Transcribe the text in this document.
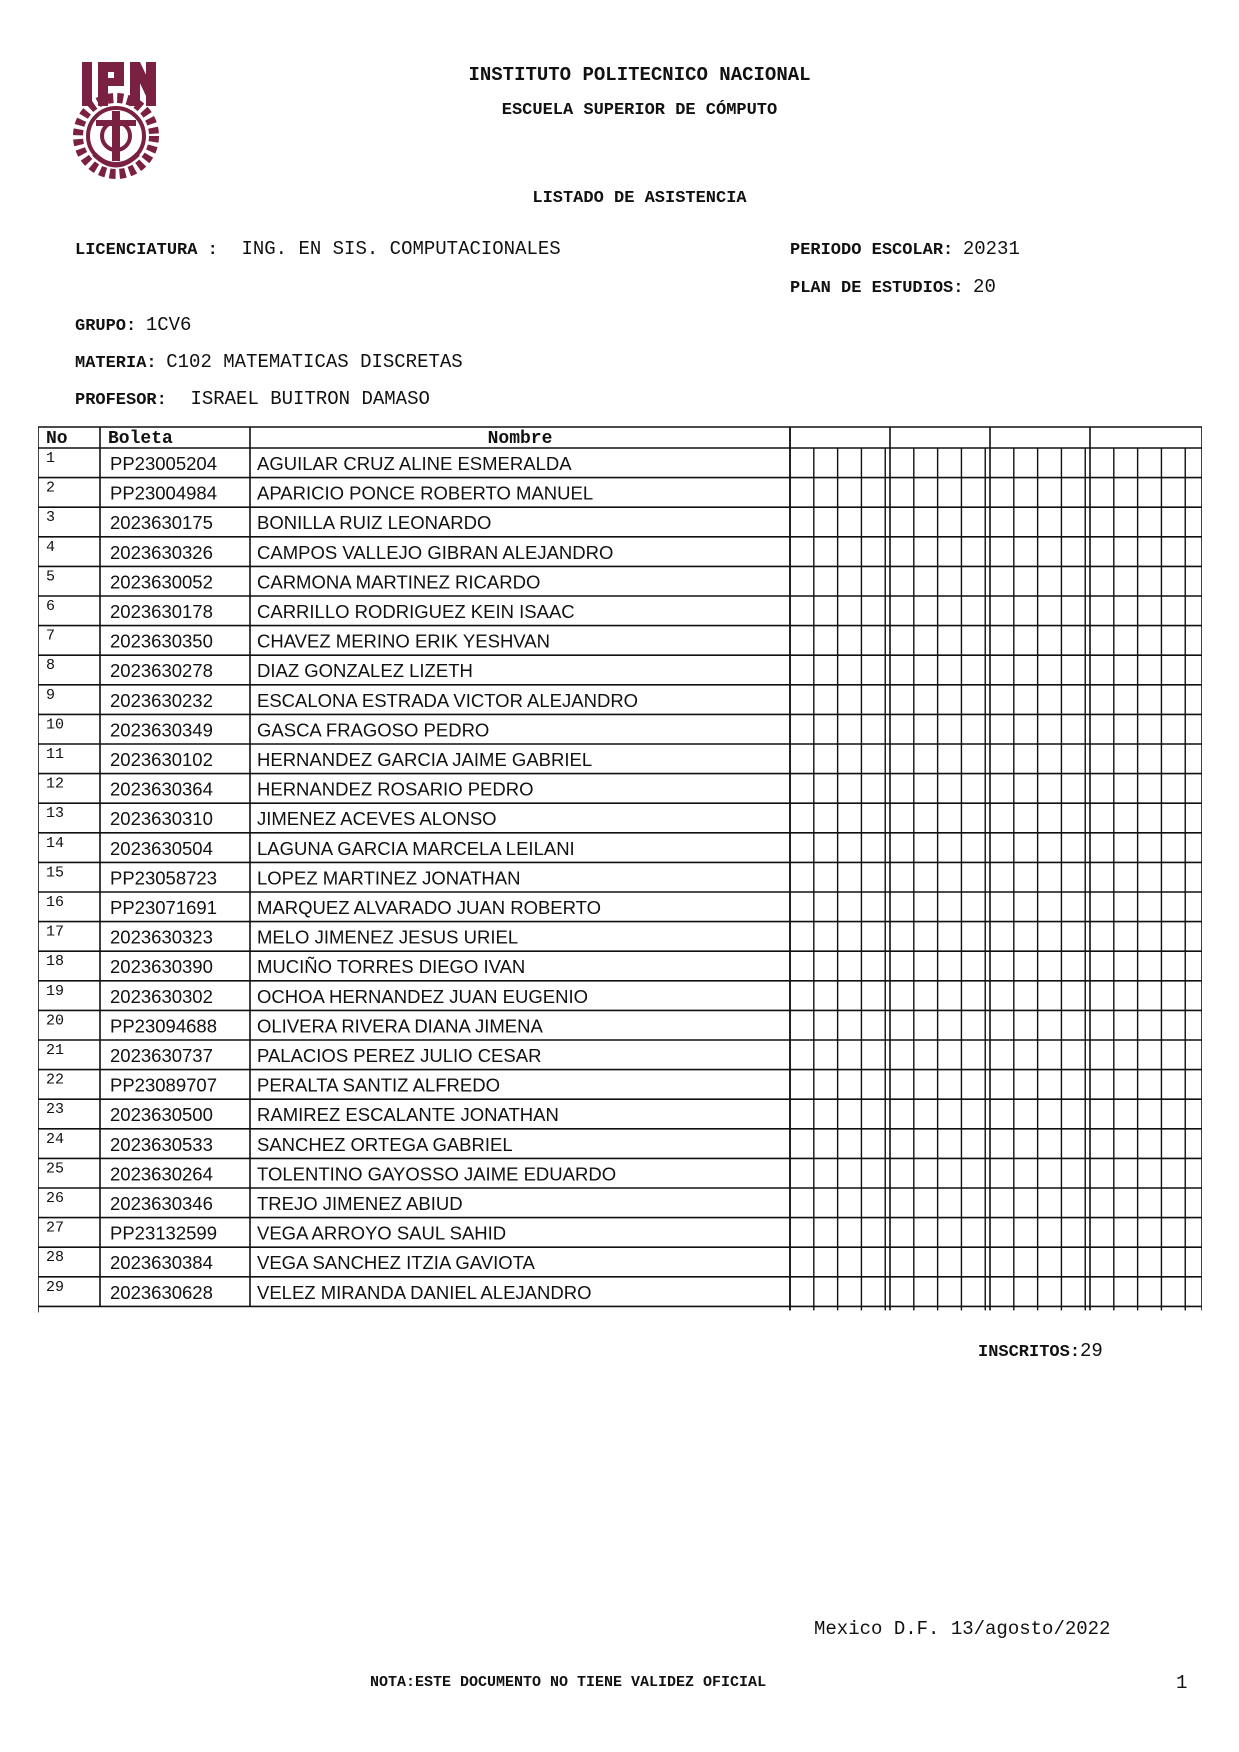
INSTITUTO POLITECNICO NACIONAL
ESCUELA SUPERIOR DE CÓMPUTO
LISTADO DE ASISTENCIA
LICENCIATURA : ING. EN SIS. COMPUTACIONALES	PERIODO ESCOLAR: 20231
PLAN DE ESTUDIOS: 20
GRUPO: 1CV6
MATERIA: C102 MATEMATICAS DISCRETAS
PROFESOR: ISRAEL BUITRON DAMASO
No Boleta	Nombre
1	PP23005204 AGUILAR CRUZ ALINE ESMERALDA
2	PP23004984 APARICIO PONCE ROBERTO MANUEL
3	2023630175 BONILLA RUIZ LEONARDO
4	2023630326 CAMPOS VALLEJO GIBRAN ALEJANDRO
5	2023630052 CARMONA MARTINEZ RICARDO
6	2023630178 CARRILLO RODRIGUEZ KEIN ISAAC
7	2023630350 CHAVEZ MERINO ERIK YESHVAN
8	2023630278 DIAZ GONZALEZ LIZETH
9	2023630232 ESCALONA ESTRADA VICTOR ALEJANDRO
10 2023630349 GASCA FRAGOSO PEDRO
11 2023630102 HERNANDEZ GARCIA JAIME GABRIEL
12 2023630364 HERNANDEZ ROSARIO PEDRO
13 2023630310 JIMENEZ ACEVES ALONSO
14 2023630504 LAGUNA GARCIA MARCELA LEILANI
15 PP23058723 LOPEZ MARTINEZ JONATHAN
16 PP23071691 MARQUEZ ALVARADO JUAN ROBERTO
17 2023630323 MELO JIMENEZ JESUS URIEL
18 2023630390 MUCIÑO TORRES DIEGO IVAN
19 2023630302 OCHOA HERNANDEZ JUAN EUGENIO
20 PP23094688 OLIVERA RIVERA DIANA JIMENA
21 2023630737 PALACIOS PEREZ JULIO CESAR
22 PP23089707 PERALTA SANTIZ ALFREDO
23 2023630500 RAMIREZ ESCALANTE JONATHAN
24 2023630533 SANCHEZ ORTEGA GABRIEL
25 2023630264 TOLENTINO GAYOSSO JAIME EDUARDO
26 2023630346 TREJO JIMENEZ ABIUD
27 PP23132599 VEGA ARROYO SAUL SAHID
28 2023630384 VEGA SANCHEZ ITZIA GAVIOTA
29 2023630628 VELEZ MIRANDA DANIEL ALEJANDRO
INSCRITOS:29
Mexico D.F. 13/agosto/2022
NOTA:ESTE DOCUMENTO NO TIENE VALIDEZ OFICIAL	1
